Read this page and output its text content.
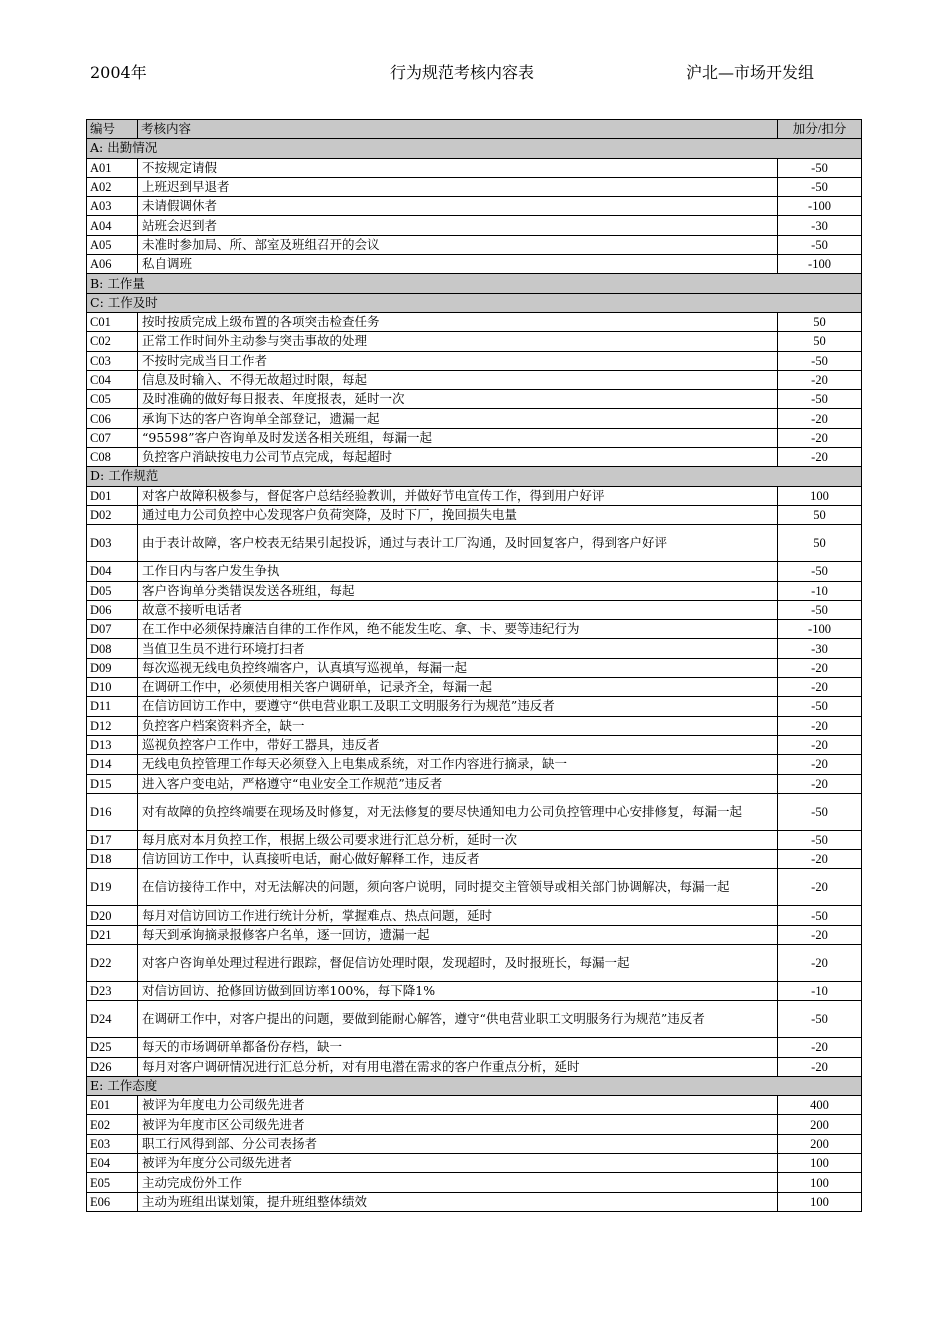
2004年	行为规范考核内容表	沪北—市场开发组
编号	考核内容	加分/扣分
A: 出勤情况		
A01	不按规定请假	-50
A02	上班迟到早退者	-50
A03	未请假调休者	-100
A04	站班会迟到者	-30
A05	未准时参加局、所、部室及班组召开的会议	-50
A06	私自调班	-100
B: 工作量		
C: 工作及时		
C01	按时按质完成上级布置的各项突击检查任务	50
C02	正常工作时间外主动参与突击事故的处理	50
C03	不按时完成当日工作者	-50
C04	信息及时输入、不得无故超过时限，每起	-20
C05	及时准确的做好每日报表、年度报表，延时一次	-50
C06	承询下达的客户咨询单全部登记，遗漏一起	-20
C07	“95598”客户咨询单及时发送各相关班组，每漏一起	-20
C08	负控客户消缺按电力公司节点完成，每起超时	-20
D: 工作规范		
D01	对客户故障积极参与，督促客户总结经验教训，并做好节电宣传工作，得到用户好评	100
D02	通过电力公司负控中心发现客户负荷突降，及时下厂，挽回损失电量	50
D03	由于表计故障，客户校表无结果引起投诉，通过与表计工厂沟通，及时回复客户，得到客户好评	50
D04	工作日内与客户发生争执	-50
D05	客户咨询单分类错误发送各班组，每起	-10
D06	故意不接听电话者	-50
D07	在工作中必须保持廉洁自律的工作作风，绝不能发生吃、拿、卡、要等违纪行为	-100
D08	当值卫生员不进行环境打扫者	-30
D09	每次巡视无线电负控终端客户，认真填写巡视单，每漏一起	-20
D10	在调研工作中，必须使用相关客户调研单，记录齐全，每漏一起	-20
D11	在信访回访工作中，要遵守“供电营业职工及职工文明服务行为规范”违反者	-50
D12	负控客户档案资料齐全，缺一	-20
D13	巡视负控客户工作中，带好工器具，违反者	-20
D14	无线电负控管理工作每天必须登入上电集成系统，对工作内容进行摘录，缺一	-20
D15	进入客户变电站，严格遵守“电业安全工作规范”违反者	-20
D16	对有故障的负控终端要在现场及时修复，对无法修复的要尽快通知电力公司负控管理中心安排修复，每漏一起	-50
D17	每月底对本月负控工作，根据上级公司要求进行汇总分析，延时一次	-50
D18	信访回访工作中，认真接听电话，耐心做好解释工作，违反者	-20
D19	在信访接待工作中，对无法解决的问题，须向客户说明，同时提交主管领导或相关部门协调解决，每漏一起	-20
D20	每月对信访回访工作进行统计分析，掌握难点、热点问题，延时	-50
D21	每天到承询摘录报修客户名单，逐一回访，遗漏一起	-20
D22	对客户咨询单处理过程进行跟踪，督促信访处理时限，发现超时，及时报班长，每漏一起	-20
D23	对信访回访、抢修回访做到回访率100%，每下降1%	-10
D24	在调研工作中，对客户提出的问题，要做到能耐心解答，遵守“供电营业职工文明服务行为规范”违反者	-50
D25	每天的市场调研单都备份存档，缺一	-20
D26	每月对客户调研情况进行汇总分析，对有用电潜在需求的客户作重点分析，延时	-20
E: 工作态度		
E01	被评为年度电力公司级先进者	400
E02	被评为年度市区公司级先进者	200
E03	职工行风得到部、分公司表扬者	200
E04	被评为年度分公司级先进者	100
E05	主动完成份外工作	100
E06	主动为班组出谋划策，提升班组整体绩效	100
